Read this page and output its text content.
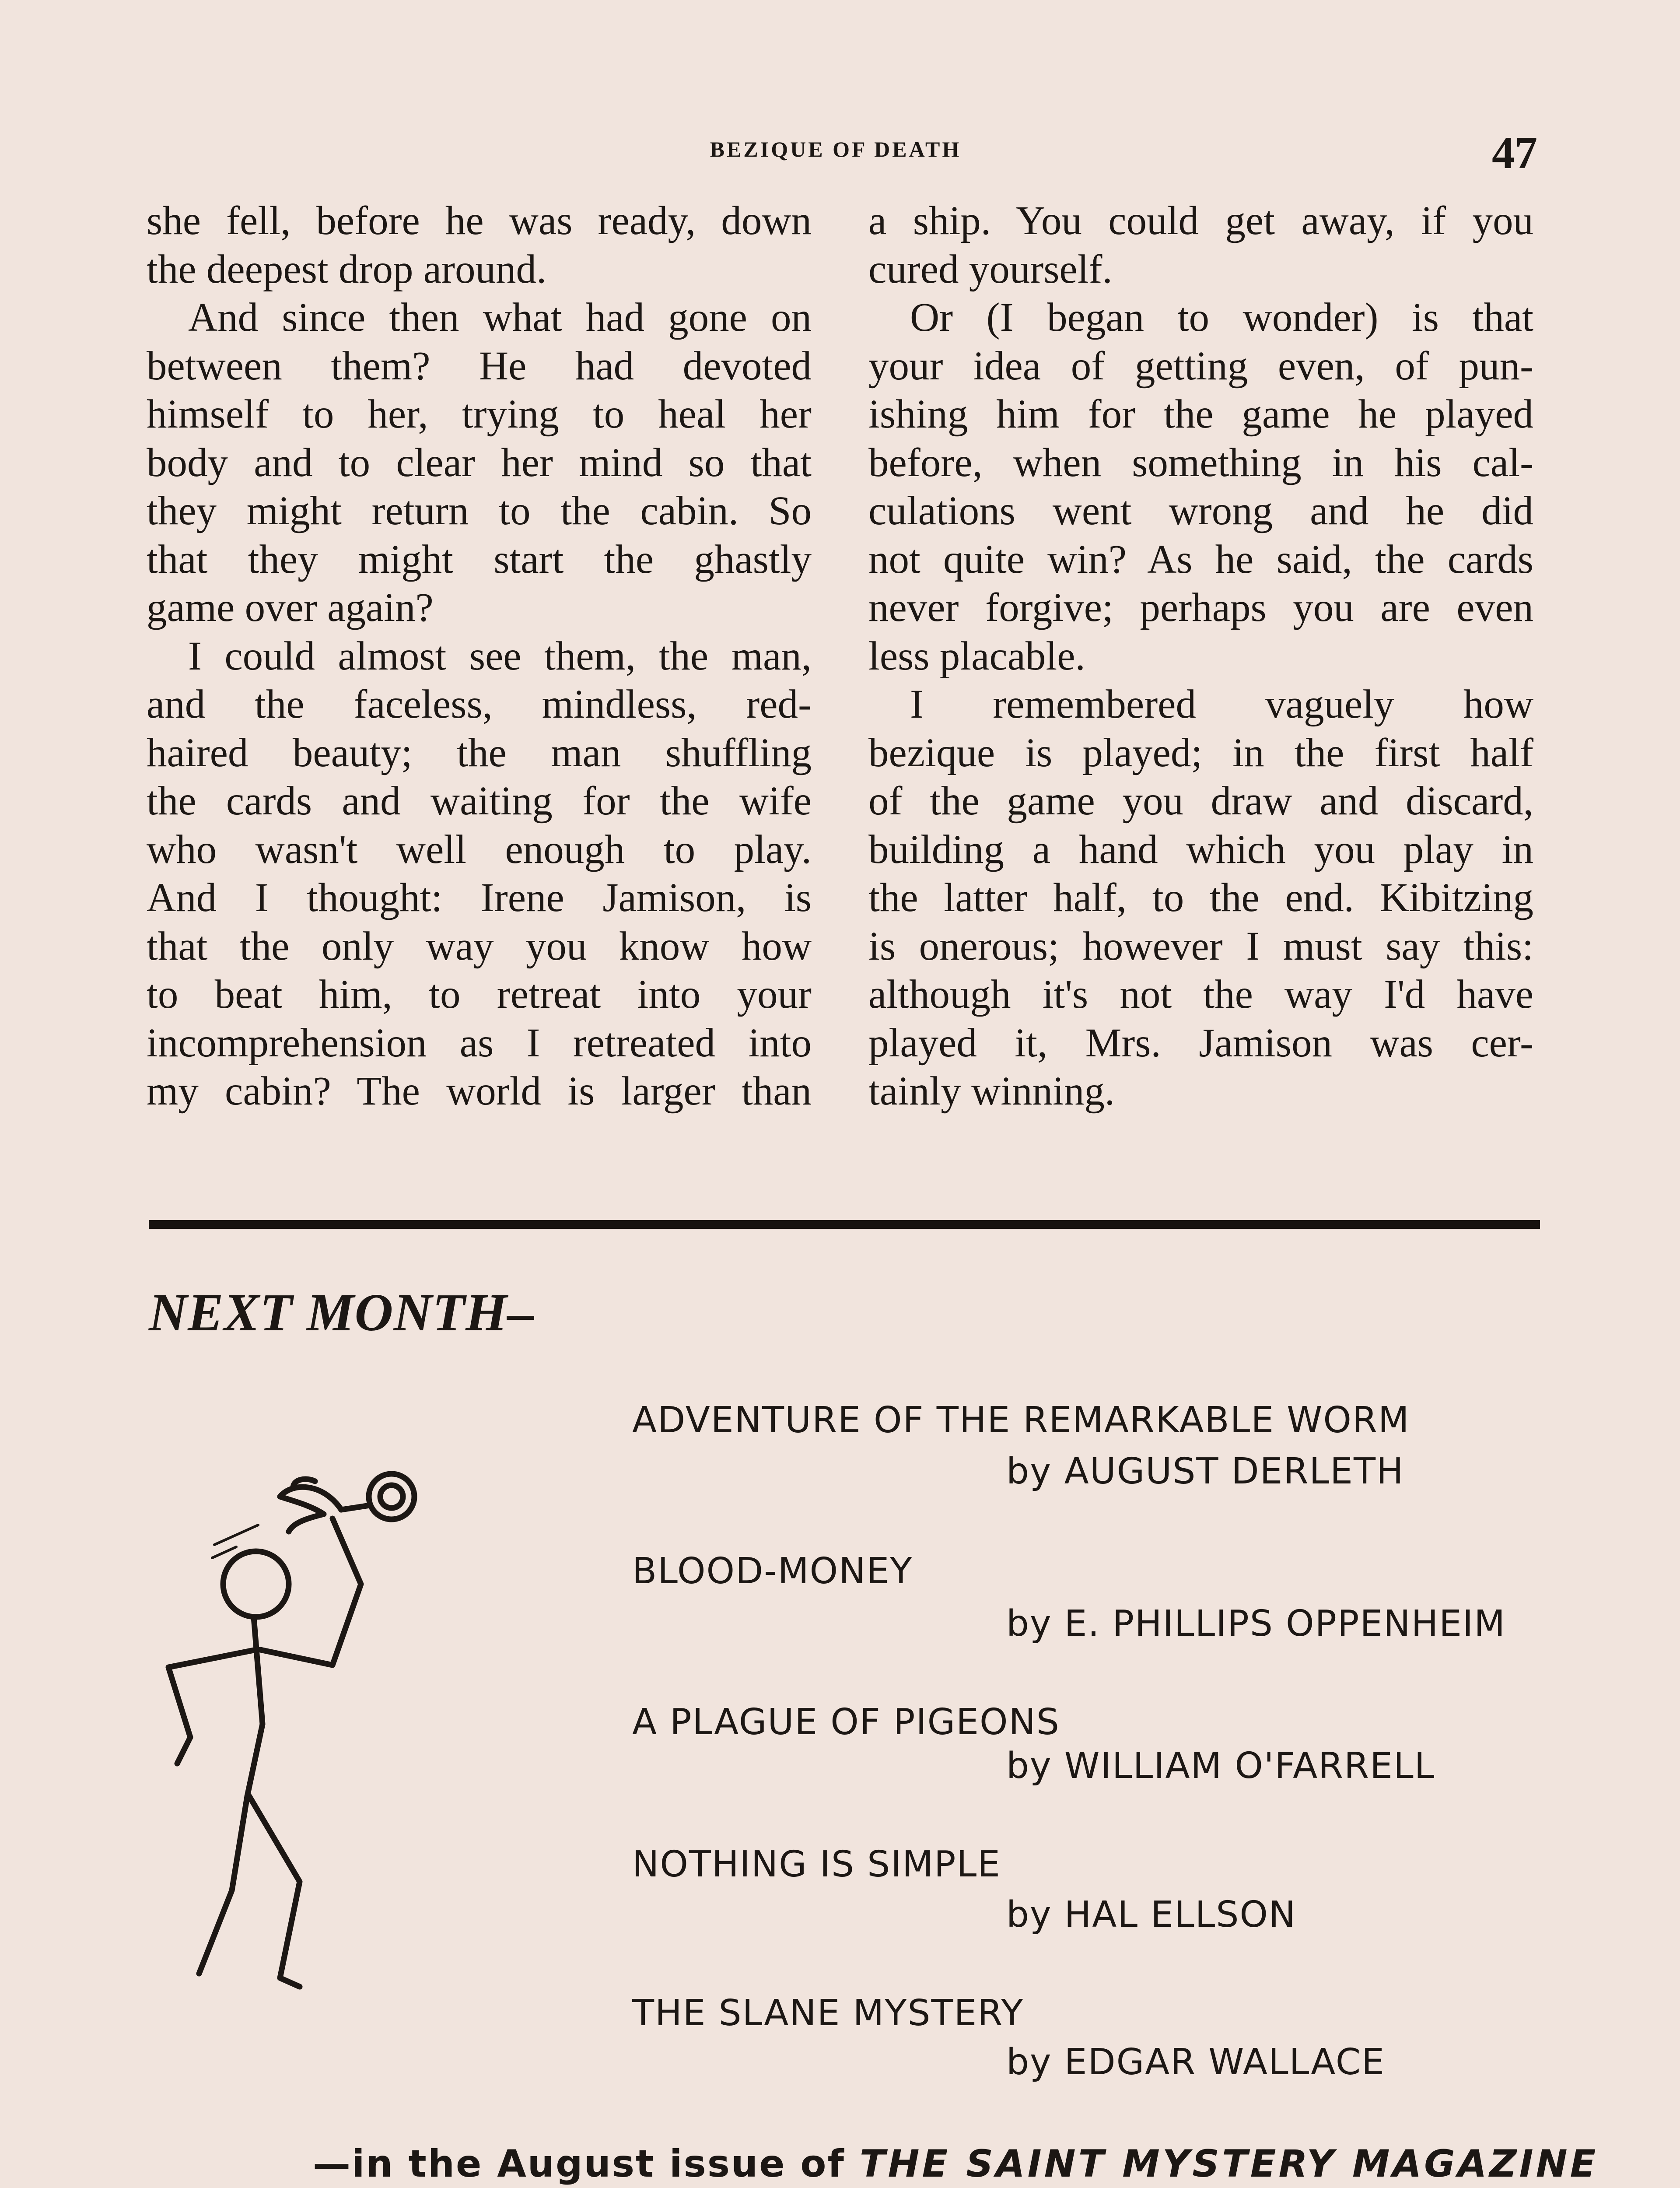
BEZIQUE OF DEATH	47
she fell, before he was ready, down
the deepest drop around.
And since then what had gone on
between them? He had devoted
himself to her, trying to heal her
body and to clear her mind so that
they might return to the cabin. So
that they might start the ghastly
game over again?
I could almost see them, the man,
and the faceless, mindless, red-
haired beauty; the man shuffling
the cards and waiting for the wife
who wasn't well enough to play.
And I thought: Irene Jamison, is
that the only way you know how
to beat him, to retreat into your
incomprehension as I retreated into
my cabin? The world is larger than
a ship. You could get away, if you
cured yourself.
Or (I began to wonder) is that
your idea of getting even, of pun-
ishing him for the game he played
before, when something in his cal-
culations went wrong and he did
not quite win? As he said, the cards
never forgive; perhaps you are even
less placable.
I remembered vaguely how
bezique is played; in the first half
of the game you draw and discard,
building a hand which you play in
the latter half, to the end. Kibitzing
is onerous; however I must say this:
although it's not the way I'd have
played it, Mrs. Jamison was cer-
tainly winning.
NEXT MONTH–
ADVENTURE OF THE REMARKABLE WORM
by AUGUST DERLETH
BLOOD-MONEY
by E. PHILLIPS OPPENHEIM
A PLAGUE OF PIGEONS
by WILLIAM O'FARRELL
NOTHING IS SIMPLE
by HAL ELLSON
THE SLANE MYSTERY
by EDGAR WALLACE
—in the August issue of THE SAINT MYSTERY MAGAZINE
